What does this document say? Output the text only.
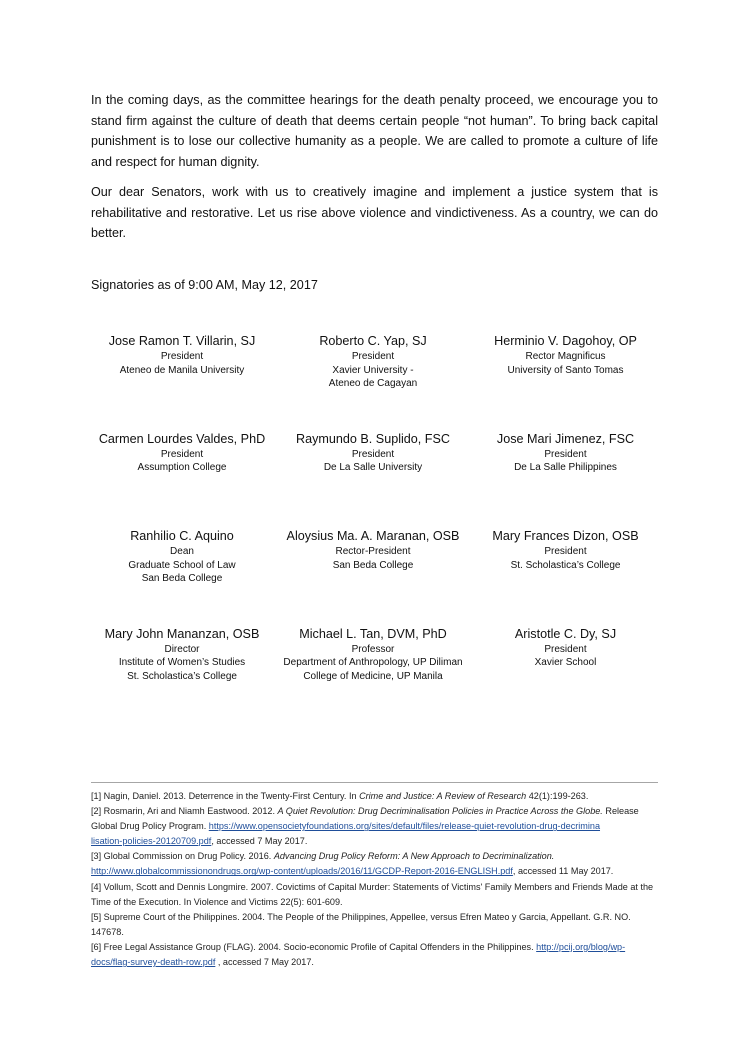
In the coming days, as the committee hearings for the death penalty proceed, we encourage you to stand firm against the culture of death that deems certain people “not human”. To bring back capital punishment is to lose our collective humanity as a people. We are called to promote a culture of life and respect for human dignity.

Our dear Senators, work with us to creatively imagine and implement a justice system that is rehabilitative and restorative. Let us rise above violence and vindictiveness. As a country, we can do better.

Signatories as of 9:00 AM, May 12, 2017

Jose Ramon T. Villarin, SJ
President
Ateneo de Manila University
Roberto C. Yap, SJ
President
Xavier University -
Ateneo de Cagayan
Herminio V. Dagohoy, OP
Rector Magnificus
University of Santo Tomas
Carmen Lourdes Valdes, PhD
President
Assumption College
Raymundo B. Suplido, FSC
President
De La Salle University
Jose Mari Jimenez, FSC
President
De La Salle Philippines
Ranhilio C. Aquino
Dean
Graduate School of Law
San Beda College
Aloysius Ma. A. Maranan, OSB
Rector-President
San Beda College
Mary Frances Dizon, OSB
President
St. Scholastica’s College
Mary John Mananzan, OSB
Director
Institute of Women’s Studies
St. Scholastica’s College
Michael L. Tan, DVM, PhD
Professor
Department of Anthropology, UP Diliman
College of Medicine, UP Manila
Aristotle C. Dy, SJ
President
Xavier School

[1] Nagin, Daniel. 2013. Deterrence in the Twenty-First Century. In Crime and Justice: A Review of Research 42(1):199-263.

[2] Rosmarin, Ari and Niamh Eastwood. 2012. A Quiet Revolution: Drug Decriminalisation Policies in Practice Across the Globe. Release Global Drug Policy Program. https://www.opensocietyfoundations.org/sites/default/files/release-quiet-revolution-drug-decrimina
lisation-policies-20120709.pdf, accessed 7 May 2017.

[3] Global Commission on Drug Policy. 2016. Advancing Drug Policy Reform: A New Approach to Decriminalization. http://www.globalcommissionondrugs.org/wp-content/uploads/2016/11/GCDP-Report-2016-ENGLISH.pdf, accessed 11 May 2017.

[4] Vollum, Scott and Dennis Longmire. 2007. Covictims of Capital Murder: Statements of Victims' Family Members and Friends Made at the Time of the Execution. In Violence and Victims 22(5): 601-609.

[5] Supreme Court of the Philippines. 2004. The People of the Philippines, Appellee, versus Efren Mateo y Garcia, Appellant. G.R. NO. 147678.

[6] Free Legal Assistance Group (FLAG). 2004. Socio-economic Profile of Capital Offenders in the Philippines. http://pcij.org/blog/wp-
docs/flag-survey-death-row.pdf , accessed 7 May 2017.
